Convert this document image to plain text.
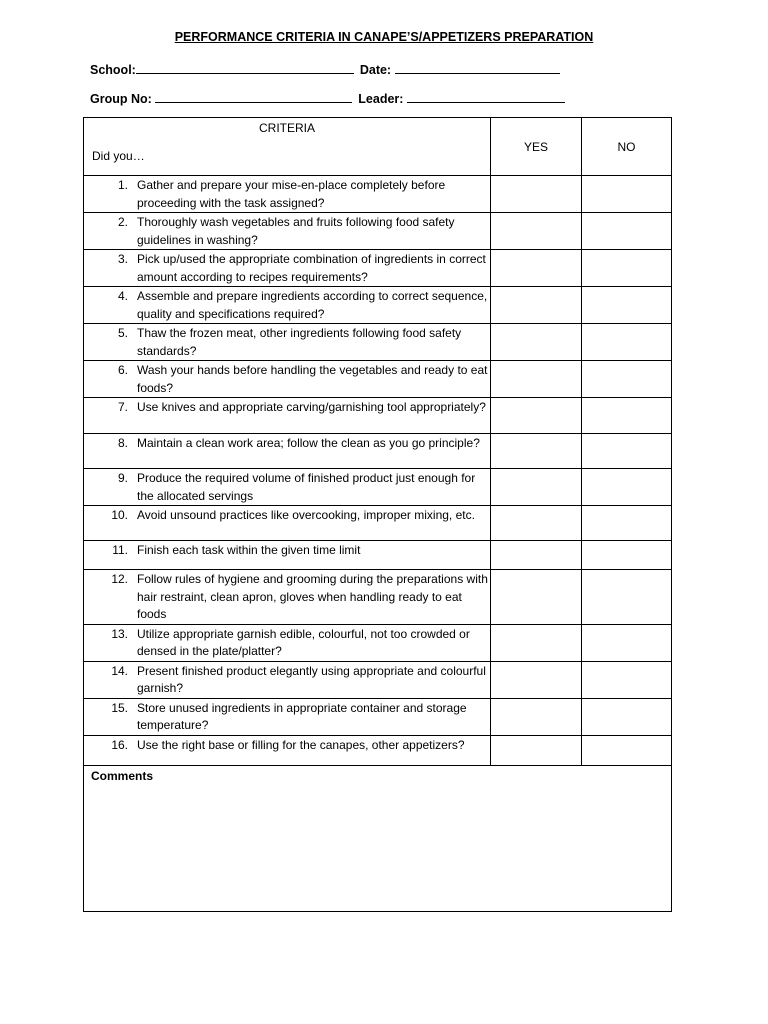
PERFORMANCE CRITERIA IN CANAPE’S/APPETIZERS PREPARATION
School:	Date:
Group No:	Leader:
CRITERIA
Did you…	YES	NO

1. Gather and prepare your mise-en-place completely before proceeding with the task assigned?		

2. Thoroughly wash vegetables and fruits following food safety guidelines in washing?		

3. Pick up/used the appropriate combination of ingredients in correct amount according to recipes requirements?		

4. Assemble and prepare ingredients according to correct sequence, quality and specifications required?		

5. Thaw the frozen meat, other ingredients following food safety standards?		

6. Wash your hands before handling the vegetables and ready to eat foods?		

7. Use knives and appropriate carving/garnishing tool appropriately?		

8. Maintain a clean work area; follow the clean as you go principle?		

9. Produce the required volume of finished product just enough for the allocated servings		

10. Avoid unsound practices like overcooking, improper mixing, etc.		

11. Finish each task within the given time limit		

12. Follow rules of hygiene and grooming during the preparations with hair restraint, clean apron, gloves when handling ready to eat foods		

13. Utilize appropriate garnish edible, colourful, not too crowded or densed in the plate/platter?		

14. Present finished product elegantly using appropriate and colourful garnish?		

15. Store unused ingredients in appropriate container and storage temperature?		

16. Use the right base or filling for the canapes, other appetizers?		

Comments		
